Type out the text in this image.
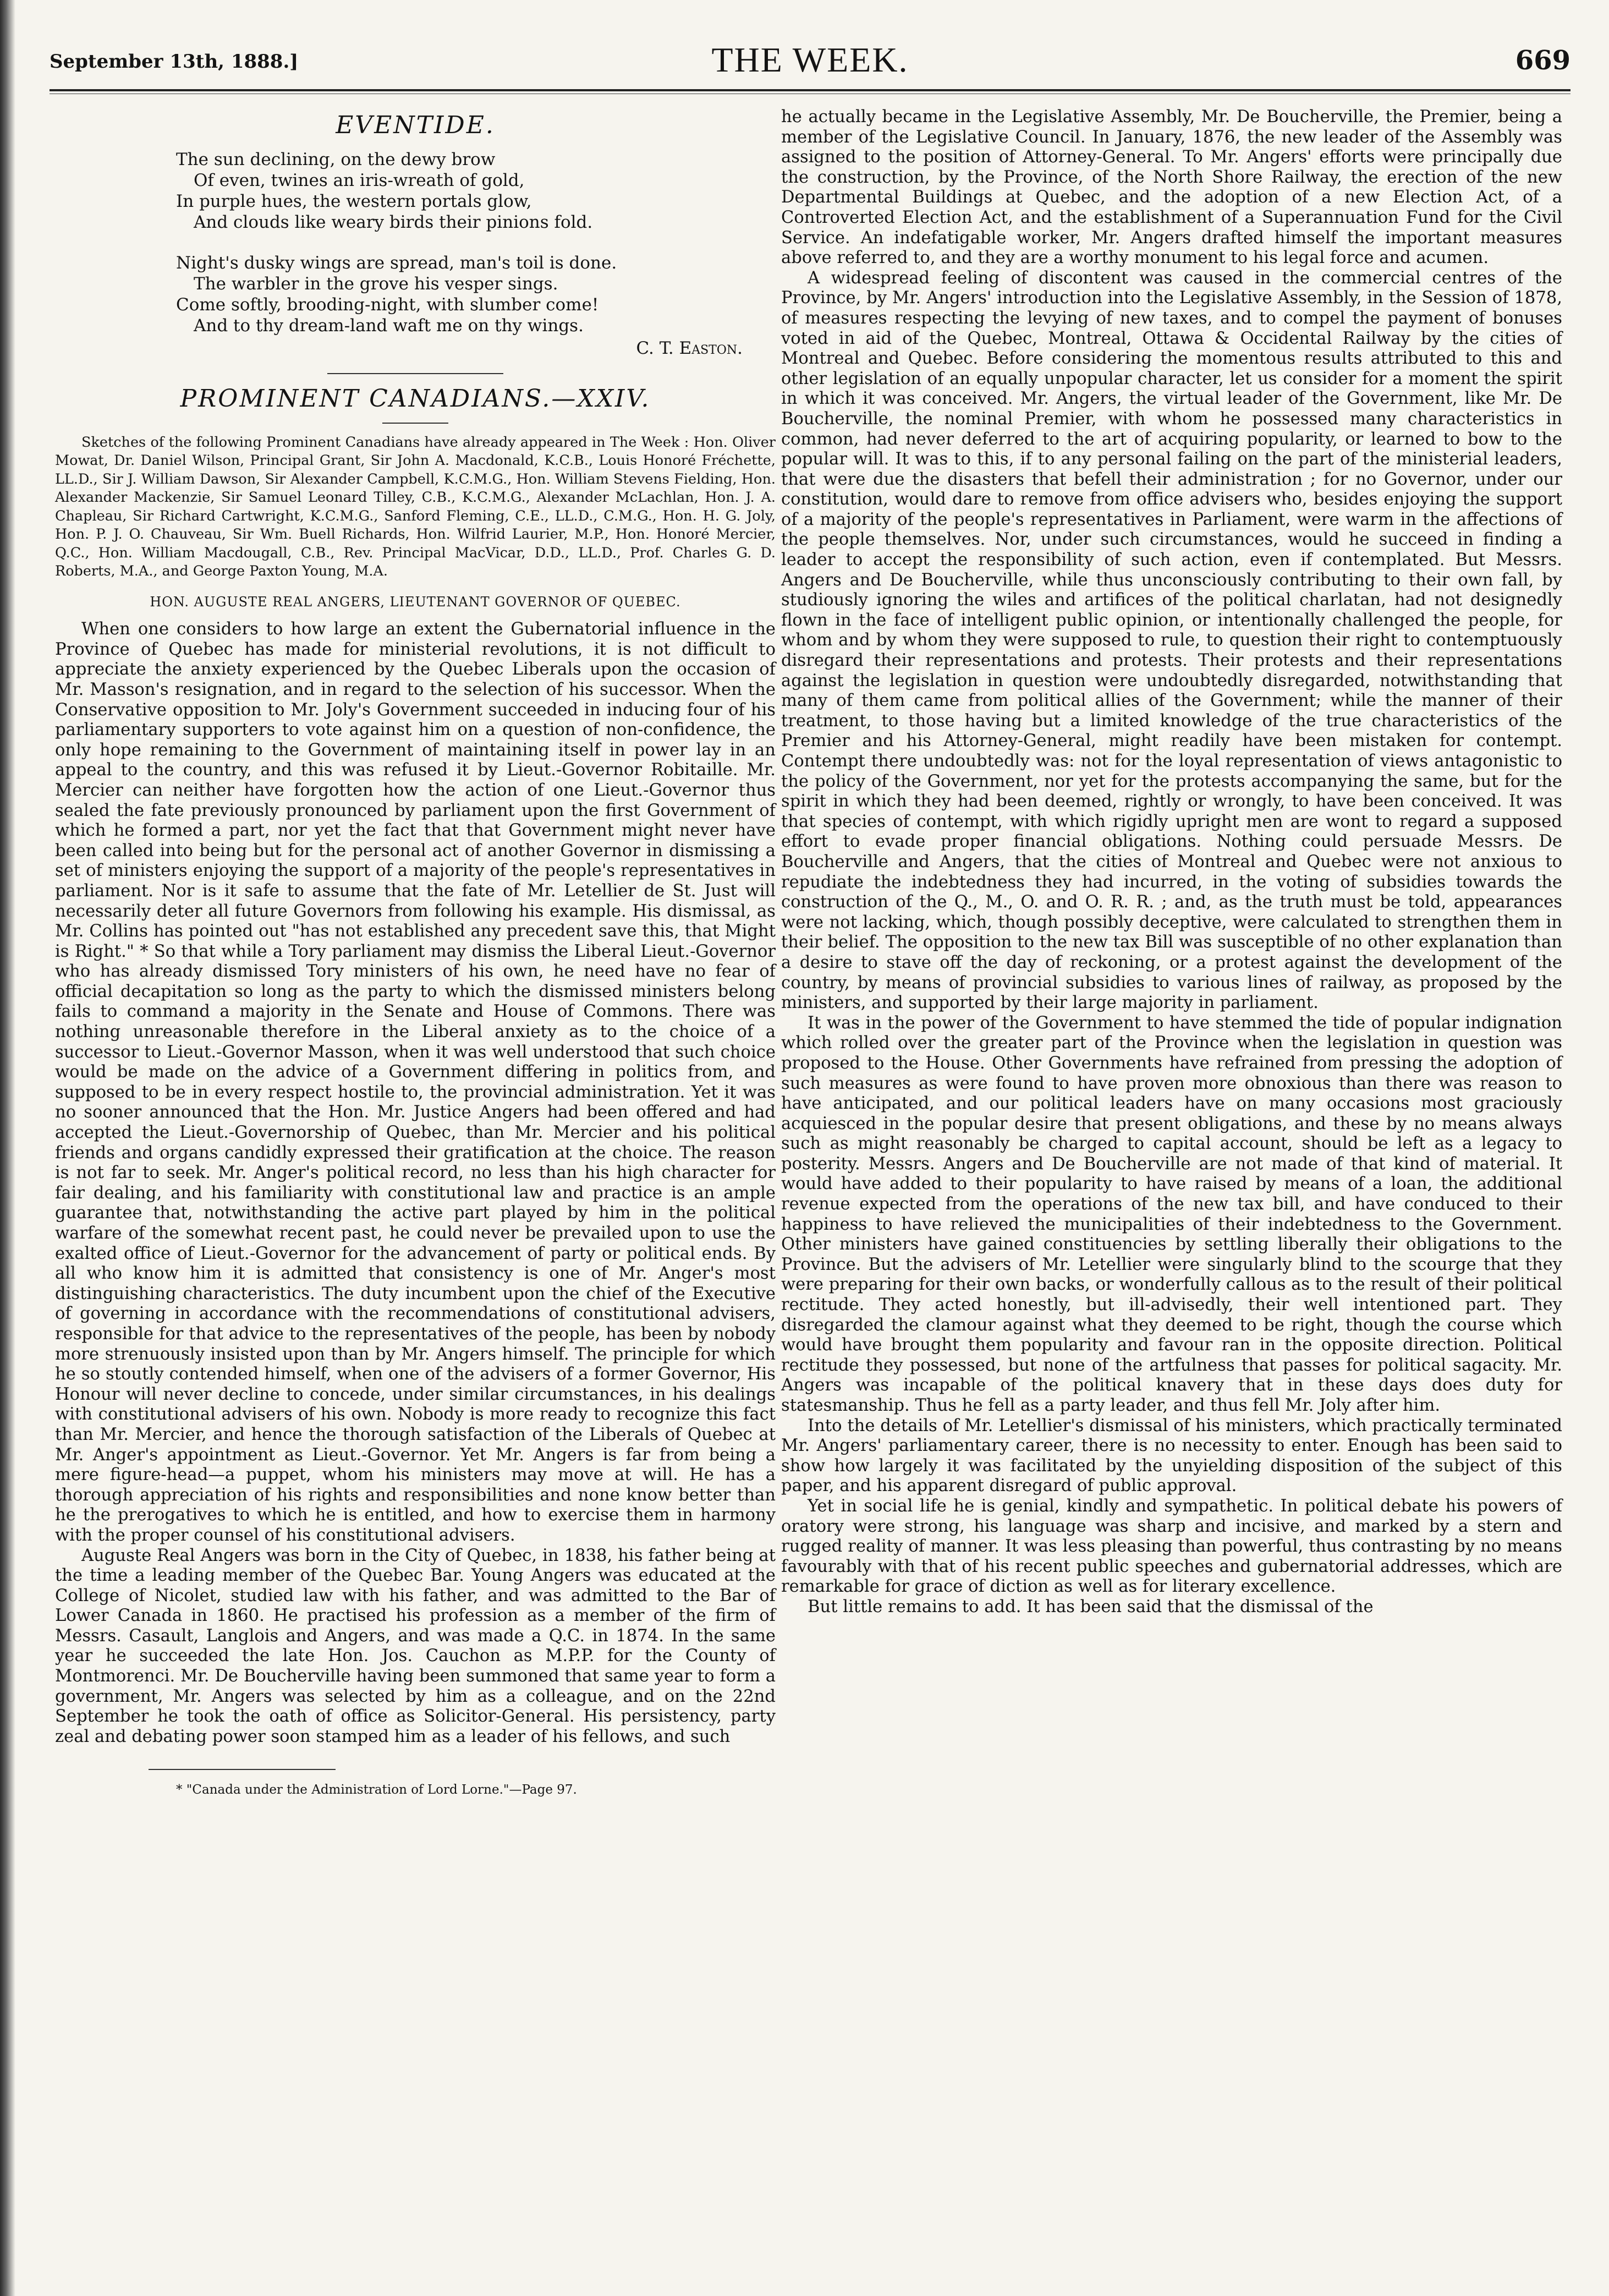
September 13th, 1888.]	THE WEEK.	669
EVENTIDE.
The sun declining, on the dewy brow
Of even, twines an iris-wreath of gold,
In purple hues, the western portals glow,
And clouds like weary birds their pinions fold.
Night's dusky wings are spread, man's toil is done.
The warbler in the grove his vesper sings.
Come softly, brooding-night, with slumber come!
And to thy dream-land waft me on thy wings.
C. T. Easton.
PROMINENT CANADIANS.—XXIV.

Sketches of the following Prominent Canadians have already appeared in The Week : Hon. Oliver Mowat, Dr. Daniel Wilson, Principal Grant, Sir John A. Macdonald, K.C.B., Louis Honoré Fréchette, LL.D., Sir J. William Dawson, Sir Alexander Campbell, K.C.M.G., Hon. William Stevens Fielding, Hon. Alexander Mackenzie, Sir Samuel Leonard Tilley, C.B., K.C.M.G., Alexander McLachlan, Hon. J. A. Chapleau, Sir Richard Cartwright, K.C.M.G., Sanford Fleming, C.E., LL.D., C.M.G., Hon. H. G. Joly, Hon. P. J. O. Chauveau, Sir Wm. Buell Richards, Hon. Wilfrid Laurier, M.P., Hon. Honoré Mercier, Q.C., Hon. William Macdougall, C.B., Rev. Principal MacVicar, D.D., LL.D., Prof. Charles G. D. Roberts, M.A., and George Paxton Young, M.A.

HON. AUGUSTE REAL ANGERS, LIEUTENANT GOVERNOR OF QUEBEC.

When one considers to how large an extent the Gubernatorial influence in the Province of Quebec has made for ministerial revolutions, it is not difficult to appreciate the anxiety experienced by the Quebec Liberals upon the occasion of Mr. Masson's resignation, and in regard to the selection of his successor. When the Conservative opposition to Mr. Joly's Government succeeded in inducing four of his parliamentary supporters to vote against him on a question of non-confidence, the only hope remaining to the Government of maintaining itself in power lay in an appeal to the country, and this was refused it by Lieut.-Governor Robitaille. Mr. Mercier can neither have forgotten how the action of one Lieut.-Governor thus sealed the fate previously pronounced by parliament upon the first Government of which he formed a part, nor yet the fact that that Government might never have been called into being but for the personal act of another Governor in dismissing a set of ministers enjoying the support of a majority of the people's representatives in parliament. Nor is it safe to assume that the fate of Mr. Letellier de St. Just will necessarily deter all future Governors from following his example. His dismissal, as Mr. Collins has pointed out "has not established any precedent save this, that Might is Right." * So that while a Tory parliament may dismiss the Liberal Lieut.-Governor who has already dismissed Tory ministers of his own, he need have no fear of official decapitation so long as the party to which the dismissed ministers belong fails to command a majority in the Senate and House of Commons. There was nothing unreasonable therefore in the Liberal anxiety as to the choice of a successor to Lieut.-Governor Masson, when it was well understood that such choice would be made on the advice of a Government differing in politics from, and supposed to be in every respect hostile to, the provincial administration. Yet it was no sooner announced that the Hon. Mr. Justice Angers had been offered and had accepted the Lieut.-Governorship of Quebec, than Mr. Mercier and his political friends and organs candidly expressed their gratification at the choice. The reason is not far to seek. Mr. Anger's political record, no less than his high character for fair dealing, and his familiarity with constitutional law and practice is an ample guarantee that, notwithstanding the active part played by him in the political warfare of the somewhat recent past, he could never be prevailed upon to use the exalted office of Lieut.-Governor for the advancement of party or political ends. By all who know him it is admitted that consistency is one of Mr. Anger's most distinguishing characteristics. The duty incumbent upon the chief of the Executive of governing in accordance with the recommendations of constitutional advisers, responsible for that advice to the representatives of the people, has been by nobody more strenuously insisted upon than by Mr. Angers himself. The principle for which he so stoutly contended himself, when one of the advisers of a former Governor, His Honour will never decline to concede, under similar circumstances, in his dealings with constitutional advisers of his own. Nobody is more ready to recognize this fact than Mr. Mercier, and hence the thorough satisfaction of the Liberals of Quebec at Mr. Anger's appointment as Lieut.-Governor. Yet Mr. Angers is far from being a mere figure-head—a puppet, whom his ministers may move at will. He has a thorough appreciation of his rights and responsibilities and none know better than he the prerogatives to which he is entitled, and how to exercise them in harmony with the proper counsel of his constitutional advisers.

Auguste Real Angers was born in the City of Quebec, in 1838, his father being at the time a leading member of the Quebec Bar. Young Angers was educated at the College of Nicolet, studied law with his father, and was admitted to the Bar of Lower Canada in 1860. He practised his profession as a member of the firm of Messrs. Casault, Langlois and Angers, and was made a Q.C. in 1874. In the same year he succeeded the late Hon. Jos. Cauchon as M.P.P. for the County of Montmorenci. Mr. De Boucherville having been summoned that same year to form a government, Mr. Angers was selected by him as a colleague, and on the 22nd September he took the oath of office as Solicitor-General. His persistency, party zeal and debating power soon stamped him as a leader of his fellows, and such

* "Canada under the Administration of Lord Lorne."—Page 97.

he actually became in the Legislative Assembly, Mr. De Boucherville, the Premier, being a member of the Legislative Council. In January, 1876, the new leader of the Assembly was assigned to the position of Attorney-General. To Mr. Angers' efforts were principally due the construction, by the Province, of the North Shore Railway, the erection of the new Departmental Buildings at Quebec, and the adoption of a new Election Act, of a Controverted Election Act, and the establishment of a Superannuation Fund for the Civil Service. An indefatigable worker, Mr. Angers drafted himself the important measures above referred to, and they are a worthy monument to his legal force and acumen.

A widespread feeling of discontent was caused in the commercial centres of the Province, by Mr. Angers' introduction into the Legislative Assembly, in the Session of 1878, of measures respecting the levying of new taxes, and to compel the payment of bonuses voted in aid of the Quebec, Montreal, Ottawa & Occidental Railway by the cities of Montreal and Quebec. Before considering the momentous results attributed to this and other legislation of an equally unpopular character, let us consider for a moment the spirit in which it was conceived. Mr. Angers, the virtual leader of the Government, like Mr. De Boucherville, the nominal Premier, with whom he possessed many characteristics in common, had never deferred to the art of acquiring popularity, or learned to bow to the popular will. It was to this, if to any personal failing on the part of the ministerial leaders, that were due the disasters that befell their administration ; for no Governor, under our constitution, would dare to remove from office advisers who, besides enjoying the support of a majority of the people's representatives in Parliament, were warm in the affections of the people themselves. Nor, under such circumstances, would he succeed in finding a leader to accept the responsibility of such action, even if contemplated. But Messrs. Angers and De Boucherville, while thus unconsciously contributing to their own fall, by studiously ignoring the wiles and artifices of the political charlatan, had not designedly flown in the face of intelligent public opinion, or intentionally challenged the people, for whom and by whom they were supposed to rule, to question their right to contemptuously disregard their representations and protests. Their protests and their representations against the legislation in question were undoubtedly disregarded, notwithstanding that many of them came from political allies of the Government; while the manner of their treatment, to those having but a limited knowledge of the true characteristics of the Premier and his Attorney-General, might readily have been mistaken for contempt. Contempt there undoubtedly was: not for the loyal representation of views antagonistic to the policy of the Government, nor yet for the protests accompanying the same, but for the spirit in which they had been deemed, rightly or wrongly, to have been conceived. It was that species of contempt, with which rigidly upright men are wont to regard a supposed effort to evade proper financial obligations. Nothing could persuade Messrs. De Boucherville and Angers, that the cities of Montreal and Quebec were not anxious to repudiate the indebtedness they had incurred, in the voting of subsidies towards the construction of the Q., M., O. and O. R. R. ; and, as the truth must be told, appearances were not lacking, which, though possibly deceptive, were calculated to strengthen them in their belief. The opposition to the new tax Bill was susceptible of no other explanation than a desire to stave off the day of reckoning, or a protest against the development of the country, by means of provincial subsidies to various lines of railway, as proposed by the ministers, and supported by their large majority in parliament.

It was in the power of the Government to have stemmed the tide of popular indignation which rolled over the greater part of the Province when the legislation in question was proposed to the House. Other Governments have refrained from pressing the adoption of such measures as were found to have proven more obnoxious than there was reason to have anticipated, and our political leaders have on many occasions most graciously acquiesced in the popular desire that present obligations, and these by no means always such as might reasonably be charged to capital account, should be left as a legacy to posterity. Messrs. Angers and De Boucherville are not made of that kind of material. It would have added to their popularity to have raised by means of a loan, the additional revenue expected from the operations of the new tax bill, and have conduced to their happiness to have relieved the municipalities of their indebtedness to the Government. Other ministers have gained constituencies by settling liberally their obligations to the Province. But the advisers of Mr. Letellier were singularly blind to the scourge that they were preparing for their own backs, or wonderfully callous as to the result of their political rectitude. They acted honestly, but ill-advisedly, their well intentioned part. They disregarded the clamour against what they deemed to be right, though the course which would have brought them popularity and favour ran in the opposite direction. Political rectitude they possessed, but none of the artfulness that passes for political sagacity. Mr. Angers was incapable of the political knavery that in these days does duty for statesmanship. Thus he fell as a party leader, and thus fell Mr. Joly after him.

Into the details of Mr. Letellier's dismissal of his ministers, which practically terminated Mr. Angers' parliamentary career, there is no necessity to enter. Enough has been said to show how largely it was facilitated by the unyielding disposition of the subject of this paper, and his apparent disregard of public approval.

Yet in social life he is genial, kindly and sympathetic. In political debate his powers of oratory were strong, his language was sharp and incisive, and marked by a stern and rugged reality of manner. It was less pleasing than powerful, thus contrasting by no means favourably with that of his recent public speeches and gubernatorial addresses, which are remarkable for grace of diction as well as for literary excellence.

But little remains to add. It has been said that the dismissal of the
